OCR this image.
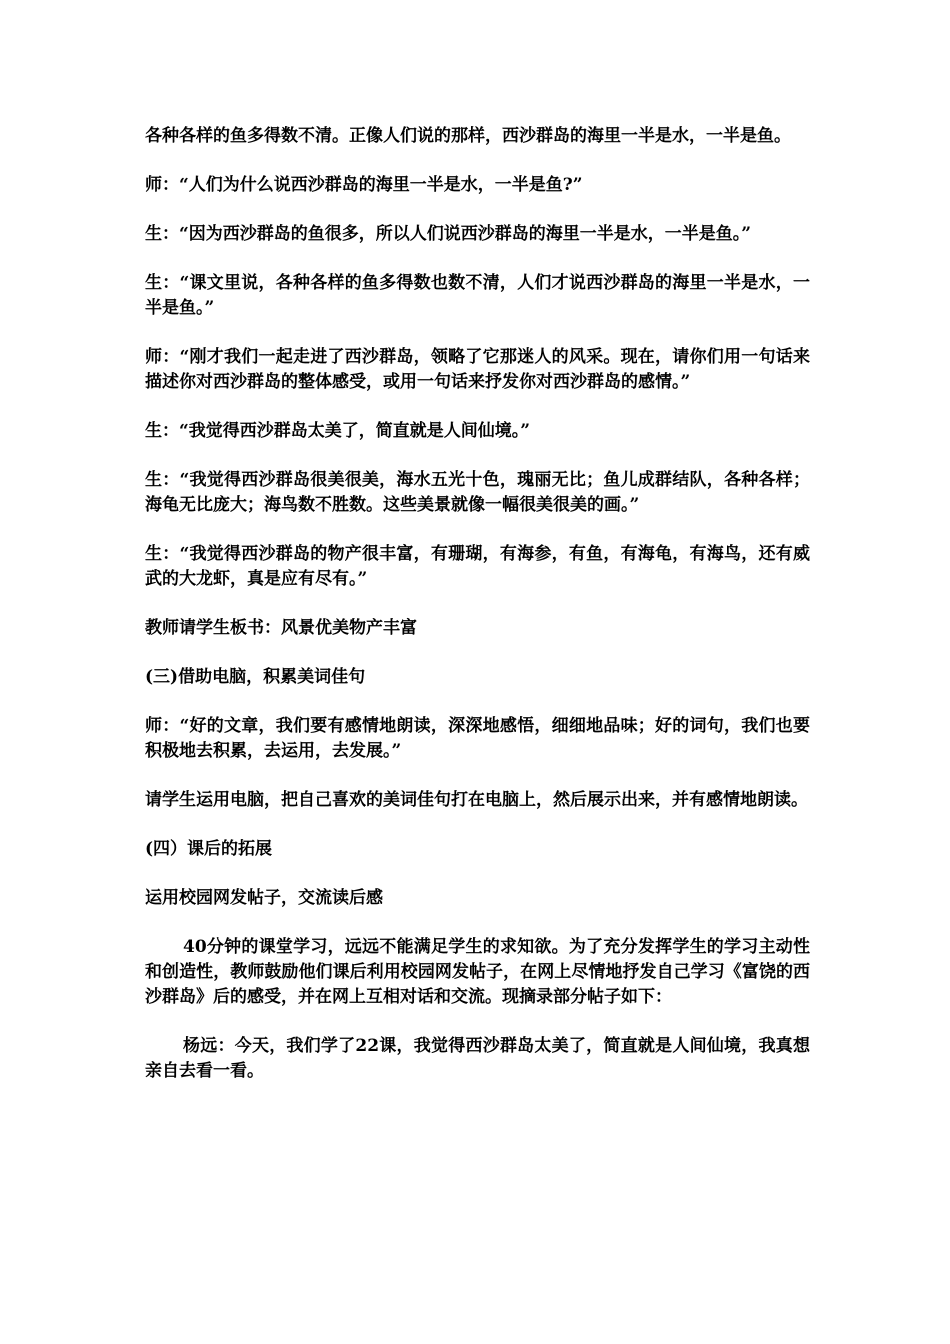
各种各样的鱼多得数不清。正像人们说的那样，西沙群岛的海里一半是水，一半是鱼。

师：“人们为什么说西沙群岛的海里一半是水，一半是鱼?”

生：“因为西沙群岛的鱼很多，所以人们说西沙群岛的海里一半是水，一半是鱼。”

生：“课文里说，各种各样的鱼多得数也数不清，人们才说西沙群岛的海里一半是水，一半是鱼。”

师：“刚才我们一起走进了西沙群岛，领略了它那迷人的风采。现在，请你们用一句话来描述你对西沙群岛的整体感受，或用一句话来抒发你对西沙群岛的感情。”

生：“我觉得西沙群岛太美了，简直就是人间仙境。”

生：“我觉得西沙群岛很美很美，海水五光十色，瑰丽无比；鱼儿成群结队，各种各样；海龟无比庞大；海鸟数不胜数。这些美景就像一幅很美很美的画。”

生：“我觉得西沙群岛的物产很丰富，有珊瑚，有海参，有鱼，有海龟，有海鸟，还有威武的大龙虾，真是应有尽有。”

教师请学生板书：风景优美物产丰富

(三)借助电脑，积累美词佳句

师：“好的文章，我们要有感情地朗读，深深地感悟，细细地品味；好的词句，我们也要积极地去积累，去运用，去发展。”

请学生运用电脑，把自己喜欢的美词佳句打在电脑上，然后展示出来，并有感情地朗读。

(四）课后的拓展

运用校园网发帖子，交流读后感

40分钟的课堂学习，远远不能满足学生的求知欲。为了充分发挥学生的学习主动性和创造性，教师鼓励他们课后利用校园网发帖子，在网上尽情地抒发自己学习《富饶的西沙群岛》后的感受，并在网上互相对话和交流。现摘录部分帖子如下：

杨远：今天，我们学了22课，我觉得西沙群岛太美了，简直就是人间仙境，我真想亲自去看一看。
